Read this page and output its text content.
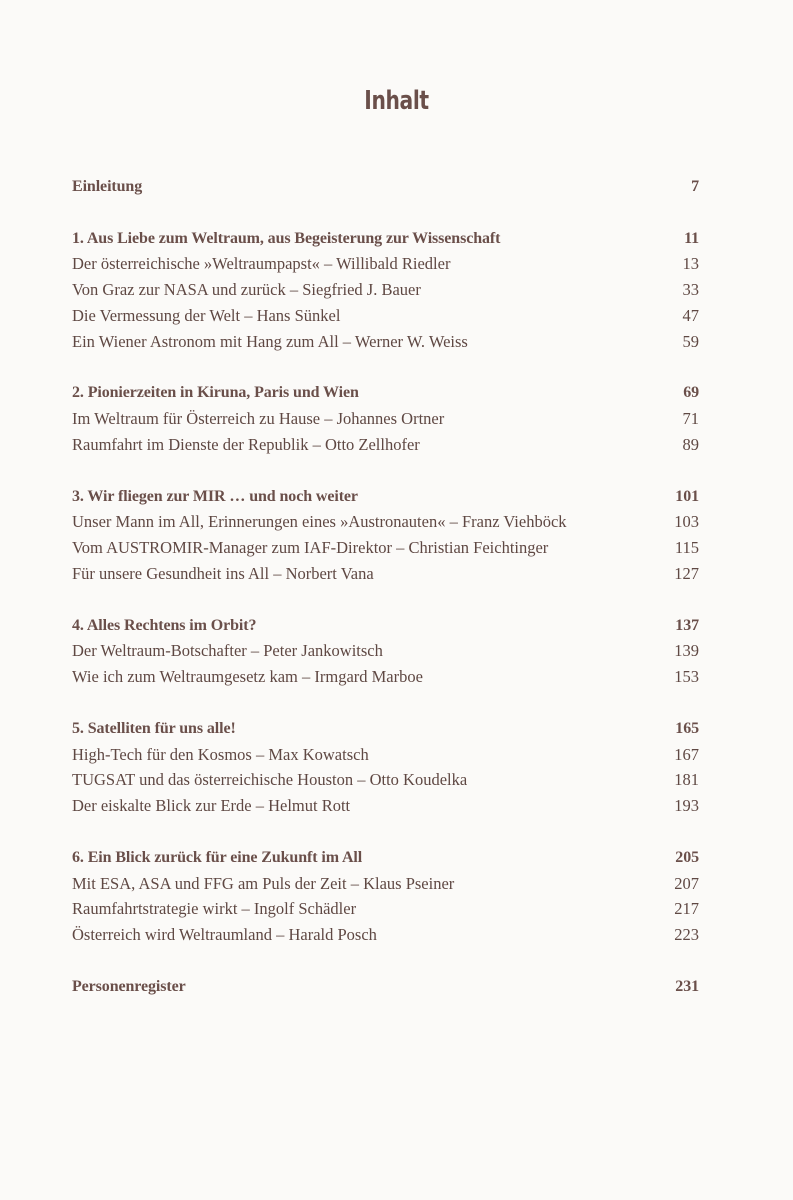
Inhalt
Einleitung	7
1. Aus Liebe zum Weltraum, aus Begeisterung zur Wissenschaft	11
Der österreichische »Weltraumpapst« – Willibald Riedler	13
Von Graz zur NASA und zurück – Siegfried J. Bauer	33
Die Vermessung der Welt – Hans Sünkel	47
Ein Wiener Astronom mit Hang zum All – Werner W. Weiss	59
2. Pionierzeiten in Kiruna, Paris und Wien	69
Im Weltraum für Österreich zu Hause – Johannes Ortner	71
Raumfahrt im Dienste der Republik – Otto Zellhofer	89
3. Wir fliegen zur MIR … und noch weiter	101
Unser Mann im All, Erinnerungen eines »Austronauten« – Franz Viehböck	103
Vom AUSTROMIR-Manager zum IAF-Direktor – Christian Feichtinger	115
Für unsere Gesundheit ins All – Norbert Vana	127
4. Alles Rechtens im Orbit?	137
Der Weltraum-Botschafter – Peter Jankowitsch	139
Wie ich zum Weltraumgesetz kam – Irmgard Marboe	153
5. Satelliten für uns alle!	165
High-Tech für den Kosmos – Max Kowatsch	167
TUGSAT und das österreichische Houston – Otto Koudelka	181
Der eiskalte Blick zur Erde – Helmut Rott	193
6. Ein Blick zurück für eine Zukunft im All	205
Mit ESA, ASA und FFG am Puls der Zeit – Klaus Pseiner	207
Raumfahrtstrategie wirkt – Ingolf Schädler	217
Österreich wird Weltraumland – Harald Posch	223
Personenregister	231
